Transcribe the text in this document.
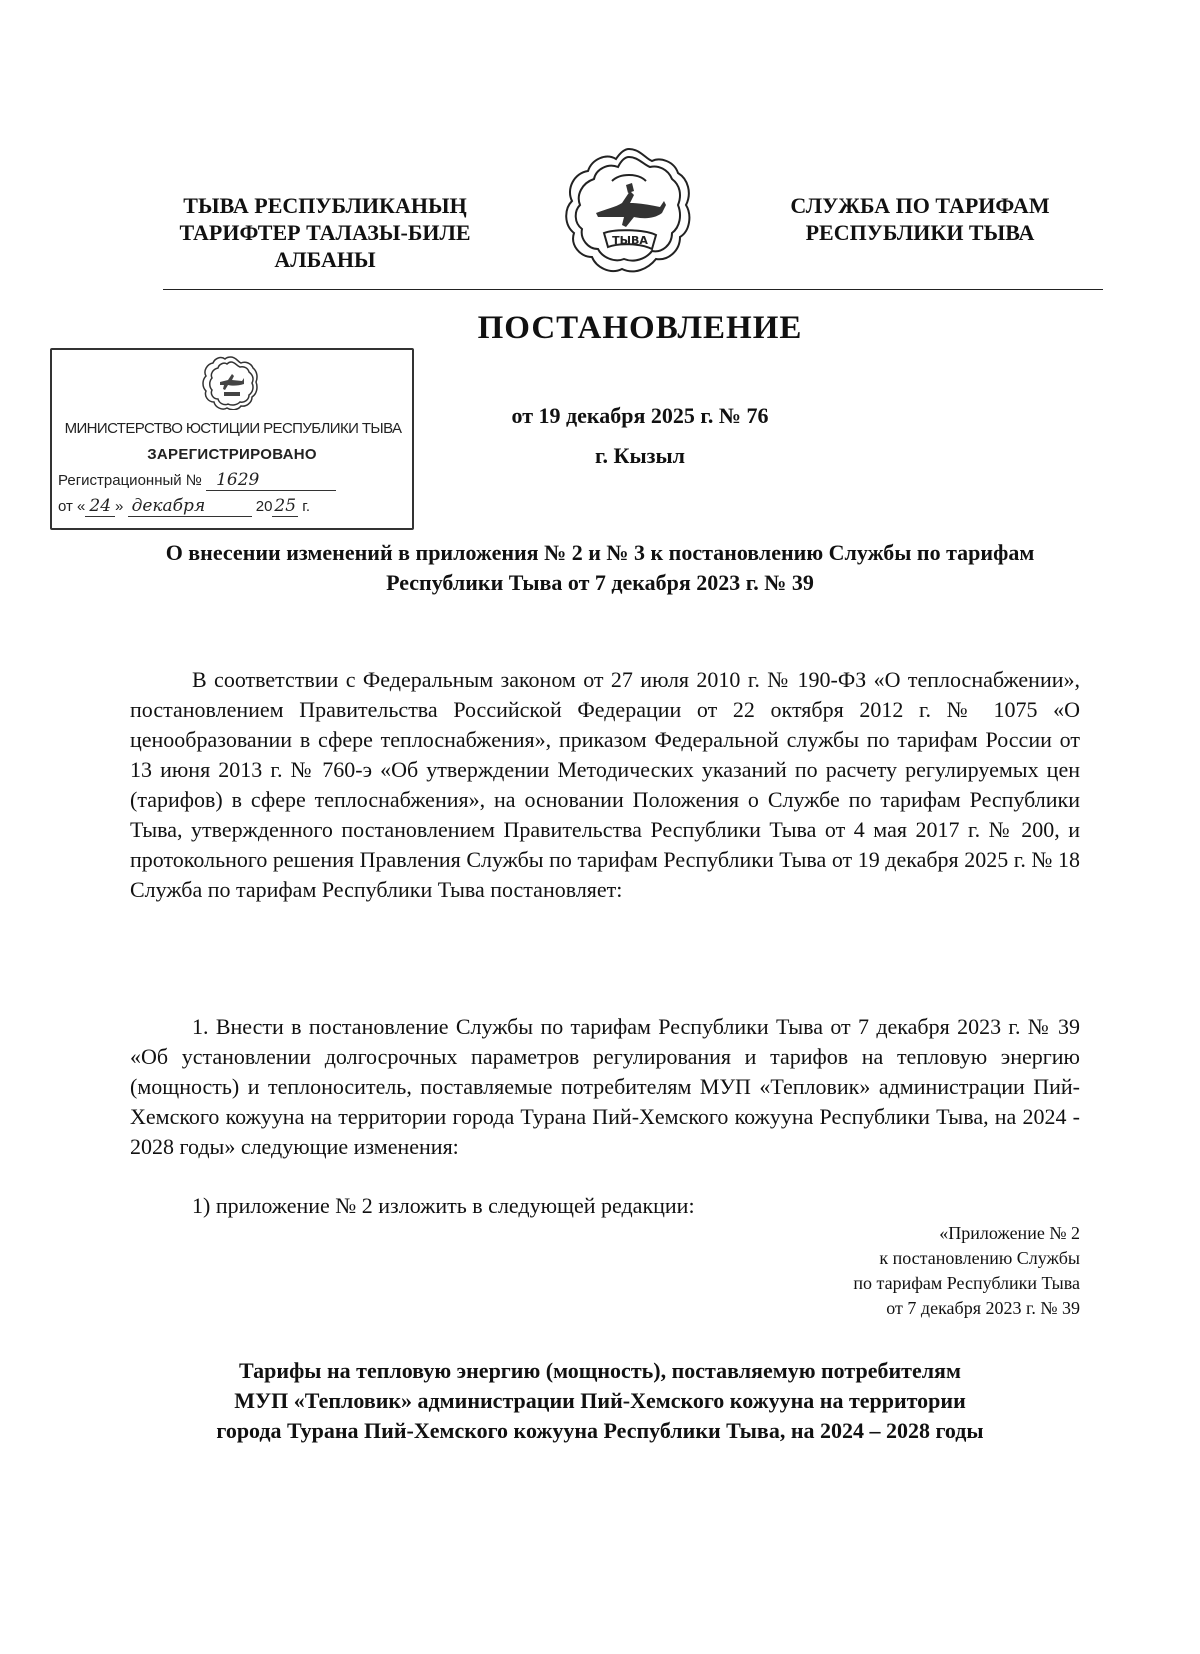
ТЫВА РЕСПУБЛИКАНЫҢ
ТАРИФТЕР ТАЛАЗЫ-БИЛЕ
АЛБАНЫ
ТЫВА
СЛУЖБА ПО ТАРИФАМ
РЕСПУБЛИКИ ТЫВА
ПОСТАНОВЛЕНИЕ
МИНИСТЕРСТВО ЮСТИЦИИ РЕСПУБЛИКИ ТЫВА
ЗАРЕГИСТРИРОВАНО
Регистрационный № 1629
от « 24 » декабря	20 25 г.
от 19 декабря 2025 г. № 76
г. Кызыл
О внесении изменений в приложения № 2 и № 3 к постановлению Службы по тарифам Республики Тыва от 7 декабря 2023 г. № 39
В соответствии с Федеральным законом от 27 июля 2010 г. № 190-ФЗ «О теплоснабжении», постановлением Правительства Российской Федерации от 22 октября 2012 г. № 1075 «О ценообразовании в сфере теплоснабжения», приказом Федеральной службы по тарифам России от 13 июня 2013 г. № 760-э «Об утверждении Методических указаний по расчету регулируемых цен (тарифов) в сфере теплоснабжения», на основании Положения о Службе по тарифам Республики Тыва, утвержденного постановлением Правительства Республики Тыва от 4 мая 2017 г. № 200, и протокольного решения Правления Службы по тарифам Республики Тыва от 19 декабря 2025 г. № 18 Служба по тарифам Республики Тыва постановляет:
1. Внести в постановление Службы по тарифам Республики Тыва от 7 декабря 2023 г. № 39 «Об установлении долгосрочных параметров регулирования и тарифов на тепловую энергию (мощность) и теплоноситель, поставляемые потребителям МУП «Тепловик» администрации Пий-Хемского кожууна на территории города Турана Пий-Хемского кожууна Республики Тыва, на 2024 - 2028 годы» следующие изменения:
1) приложение № 2 изложить в следующей редакции:
«Приложение № 2
к постановлению Службы
по тарифам Республики Тыва
от 7 декабря 2023 г. № 39
Тарифы на тепловую энергию (мощность), поставляемую потребителям
МУП «Тепловик» администрации Пий-Хемского кожууна на территории
города Турана Пий-Хемского кожууна Республики Тыва, на 2024 – 2028 годы
